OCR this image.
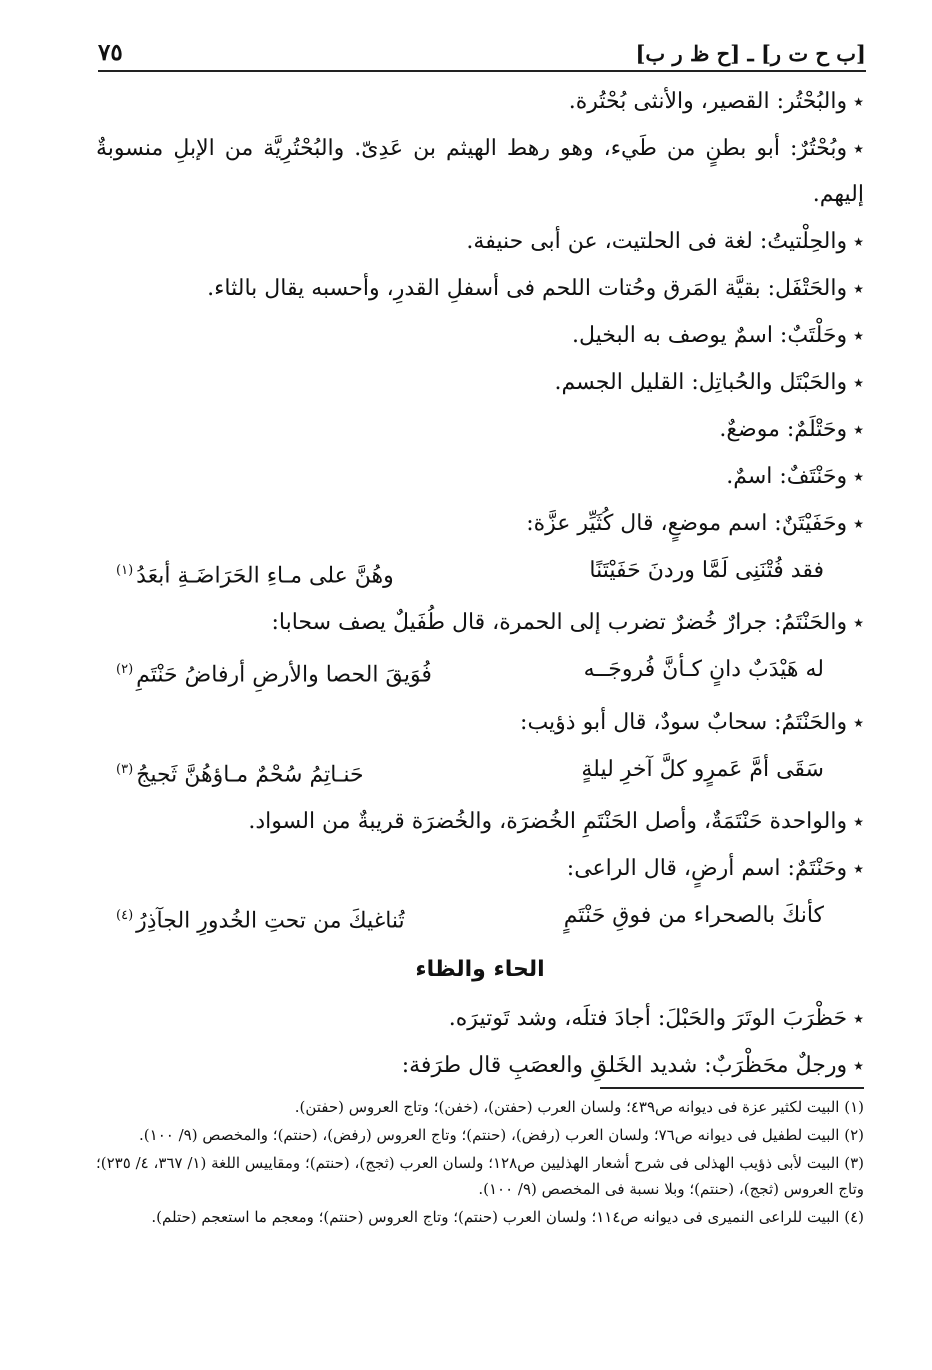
[ب ح ت ر] ـ [ح ظ ر ب]
٧٥
٭والبُحْتُر: القصير، والأنثى بُحْتُرة.
٭وبُحْتُرٌ: أبو بطنٍ من طَيء، وهو رهط الهيثم بن عَدِىّ. والبُحْتُرِيَّة من الإبلِ منسوبةٌ إليهم.
٭والحِلْتيتُ: لغة فى الحلتيت، عن أبى حنيفة.
٭والحَتْفَل: بقيَّة المَرق وحُتات اللحم فى أسفلِ القدرِ، وأحسبه يقال بالثاء.
٭وحَلْتَبٌ: اسمٌ يوصف به البخيل.
٭والحَبْتَل والحُباتِل: القليل الجسم.
٭وحَتْلَمٌ: موضعٌ.
٭وحَنْتَفٌ: اسمٌ.
٭وحَفَيْتَنٌ: اسم موضعٍ، قال كُثَيِّر عزَّة:
فقد فُتْنَنِى لَمَّا وردنَ حَفَيْتَنًا
وهُنَّ على مـاءِ الحَرَاضَـةِ أبعَدُ$^{(١)}$
٭والحَنْتَمُ: جرارٌ خُضرٌ تضرب إلى الحمرة، قال طُفَيلٌ يصف سحابا:
له هَيْدَبٌ دانٍ كـأنَّ فُروجَــه
فُوَيقَ الحصا والأرضِ أرفاضُ حَنْتَمِ$^{(٢)}$
٭والحَنْتَمُ: سحابٌ سودٌ، قال أبو ذؤيب:
سَقَى أمَّ عَمرٍو كلَّ آخرِ ليلةٍ
حَنـاتِمُ سُحْمٌ مـاؤهُنَّ ثَجيجُ$^{(٣)}$
٭والواحدة حَنْتَمَةٌ، وأصل الحَنْتَمِ الخُضرَة، والخُضرَة قريبةٌ من السواد.
٭وحَنْتَمٌ: اسم أرضٍ، قال الراعى:
كأنكَ بالصحراء من فوقِ حَنْتَمٍ
تُناغيكَ من تحتِ الخُدورِ الجآذِرُ$^{(٤)}$
الحاء والظاء
٭حَظْرَبَ الوتَرَ والحَبْلَ: أجادَ فتلَه، وشد تَوتيرَه.
٭ورجلٌ محَظْرَبٌ: شديد الخَلقِ والعصَبِ قال طرَفة:
(١) البيت لكثير عزة فى ديوانه ص٤٣٩؛ ولسان العرب (حفتن)، (خفن)؛ وتاج العروس (حفتن).
(٢) البيت لطفيل فى ديوانه ص٧٦؛ ولسان العرب (رفض)، (حنتم)؛ وتاج العروس (رفض)، (حنتم)؛ والمخصص (٩/ ١٠٠).
(٣) البيت لأبى ذؤيب الهذلى فى شرح أشعار الهذليين ص١٢٨؛ ولسان العرب (ثجج)، (حنتم)؛ ومقاييس اللغة (١/ ٣٦٧، ٤/ ٢٣٥)؛ وتاج العروس (ثجج)، (حنتم)؛ وبلا نسبة فى المخصص (٩/ ١٠٠).
(٤) البيت للراعى النميرى فى ديوانه ص١١٤؛ ولسان العرب (حنتم)؛ وتاج العروس (حنتم)؛ ومعجم ما استعجم (حتلم).
